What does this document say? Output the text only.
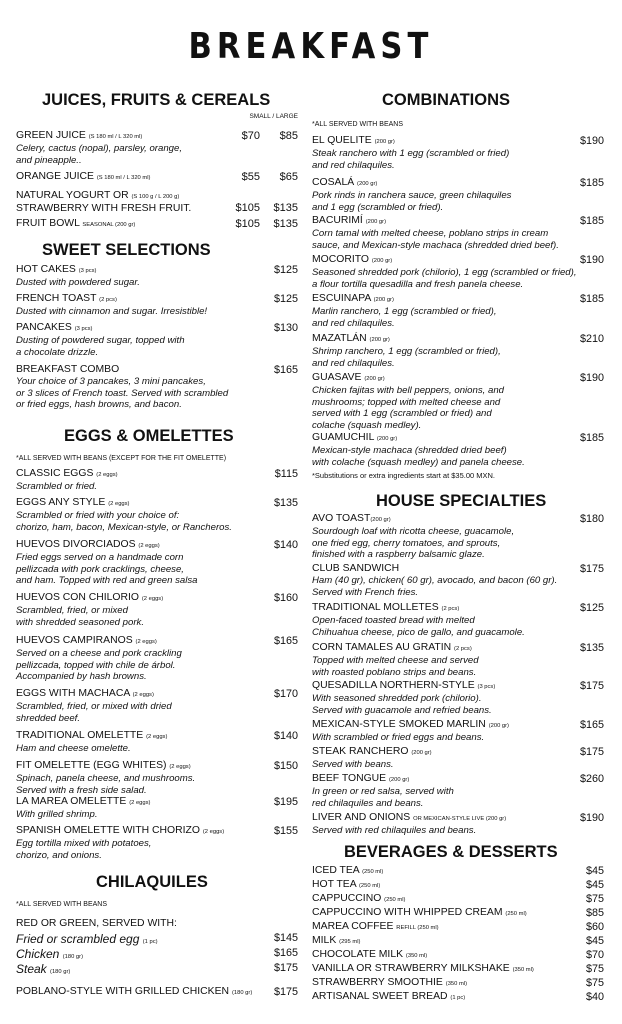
BREAKFAST
JUICES, FRUITS & CEREALS
SMALL / LARGE
GREEN JUICE (S 180 ml / L 320 ml)
Celery, cactus (nopal), parsley, orange,
and pineapple..
$70 $85
ORANGE JUICE (S 180 ml / L 320 ml)	$55 $65
NATURAL YOGURT OR (S 100 g / L 200 g)
STRAWBERRY WITH FRESH FRUIT.	$105 $135
FRUIT BOWL SEASONAL (200 gr)	$105 $135
SWEET SELECTIONS
HOT CAKES (3 pcs)
Dusted with powdered sugar.
$125
FRENCH TOAST (2 pcs)
Dusted with cinnamon and sugar. Irresistible!
$125
PANCAKES (3 pcs)
Dusting of powdered sugar, topped with
a chocolate drizzle.
$130
BREAKFAST COMBO
Your choice of 3 pancakes, 3 mini pancakes,
or 3 slices of French toast. Served with scrambled
or fried eggs, hash browns, and bacon.
$165
EGGS & OMELETTES
*ALL SERVED WITH BEANS (EXCEPT FOR THE FIT OMELETTE)
CLASSIC EGGS (2 eggs)
Scrambled or fried.
$115
EGGS ANY STYLE (2 eggs)
Scrambled or fried with your choice of:
chorizo, ham, bacon, Mexican-style, or Rancheros.
$135
HUEVOS DIVORCIADOS (2 eggs)
Fried eggs served on a handmade corn
pellizcada with pork cracklings, cheese,
and ham. Topped with red and green salsa
$140
HUEVOS CON CHILORIO (2 eggs)
Scrambled, fried, or mixed
with shredded seasoned pork.
$160
HUEVOS CAMPIRANOS (2 eggs)
Served on a cheese and pork crackling
pellizcada, topped with chile de árbol.
Accompanied by hash browns.
$165
EGGS WITH MACHACA (2 eggs)
Scrambled, fried, or mixed with dried
shredded beef.
$170
TRADITIONAL OMELETTE (2 eggs)
Ham and cheese omelette.
$140
FIT OMELETTE (EGG WHITES) (2 eggs)
Spinach, panela cheese, and mushrooms.
Served with a fresh side salad.
$150
LA MAREA OMELETTE (2 eggs)
With grilled shrimp.
$195
SPANISH OMELETTE WITH CHORIZO (2 eggs)
Egg tortilla mixed with potatoes,
chorizo, and onions.
$155
CHILAQUILES
*ALL SERVED WITH BEANS
RED OR GREEN, SERVED WITH:
Fried or scrambled egg (1 pc)	$145
Chicken (180 gr)	$165
Steak (180 gr)	$175
POBLANO-STYLE WITH GRILLED CHICKEN (180 gr)	$175
COMBINATIONS
*ALL SERVED WITH BEANS
EL QUELITE (200 gr)
Steak ranchero with 1 egg (scrambled or fried)
and red chilaquiles.
$190
COSALÁ (200 gr)
Pork rinds in ranchera sauce, green chilaquiles
and 1 egg (scrambled or fried).
$185
BACURIMÍ (200 gr)
Corn tamal with melted cheese, poblano strips in cream
sauce, and Mexican-style machaca (shredded dried beef).
$185
MOCORITO (200 gr)
Seasoned shredded pork (chilorio), 1 egg (scrambled or fried),
a flour tortilla quesadilla and fresh panela cheese.
$190
ESCUINAPA (200 gr)
Marlin ranchero, 1 egg (scrambled or fried),
and red chilaquiles.
$185
MAZATLÁN (200 gr)
Shrimp ranchero, 1 egg (scrambled or fried),
and red chilaquiles.
$210
GUASAVE (200 gr)
Chicken fajitas with bell peppers, onions, and
mushrooms; topped with melted cheese and
served with 1 egg (scrambled or fried) and
colache (squash medley).
$190
GUAMUCHIL (200 gr)
Mexican-style machaca (shredded dried beef)
with colache (squash medley) and panela cheese.
$185
*Substitutions or extra ingredients start at $35.00 MXN.
HOUSE SPECIALTIES
AVO TOAST(200 gr)
Sourdough loaf with ricotta cheese, guacamole,
one fried egg, cherry tomatoes, and sprouts,
finished with a raspberry balsamic glaze.
$180
CLUB SANDWICH
Ham (40 gr), chicken( 60 gr), avocado, and bacon (60 gr).
Served with French fries.
$175
TRADITIONAL MOLLETES (2 pcs)
Open-faced toasted bread with melted
Chihuahua cheese, pico de gallo, and guacamole.
$125
CORN TAMALES AU GRATIN (2 pcs)
Topped with melted cheese and served
with roasted poblano strips and beans.
$135
QUESADILLA NORTHERN-STYLE (3 pcs)
With seasoned shredded pork (chilorio).
Served with guacamole and refried beans.
$175
MEXICAN-STYLE SMOKED MARLIN (200 gr)
With scrambled or fried eggs and beans.
$165
STEAK RANCHERO (200 gr)
Served with beans.
$175
BEEF TONGUE (200 gr)
In green or red salsa, served with
red chilaquiles and beans.
$260
LIVER AND ONIONS OR MEXICAN-STYLE LIVE (200 gr)
Served with red chilaquiles and beans.
$190
BEVERAGES & DESSERTS
ICED TEA (250 ml)	$45
HOT TEA (250 ml)	$45
CAPPUCCINO (250 ml)	$75
CAPPUCCINO WITH WHIPPED CREAM (250 ml)	$85
MAREA COFFEE REFILL (250 ml)	$60
MILK (295 ml)	$45
CHOCOLATE MILK (350 ml)	$70
VANILLA OR STRAWBERRY MILKSHAKE (350 ml)	$75
STRAWBERRY SMOOTHIE (350 ml)	$75
ARTISANAL SWEET BREAD (1 pc)	$40
